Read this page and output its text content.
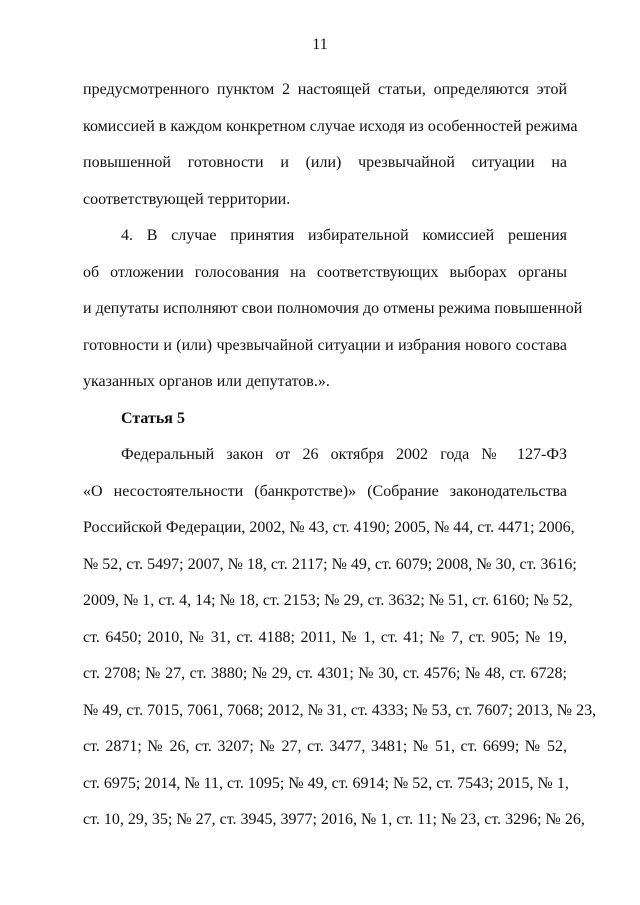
11
предусмотренного пунктом 2 настоящей статьи, определяются этой
комиссией в каждом конкретном случае исходя из особенностей режима
повышенной готовности и (или) чрезвычайной ситуации на
соответствующей территории.
4. В случае принятия избирательной комиссией решения
об отложении голосования на соответствующих выборах органы
и депутаты исполняют свои полномочия до отмены режима повышенной
готовности и (или) чрезвычайной ситуации и избрания нового состава
указанных органов или депутатов.».
Статья 5
Федеральный закон от 26 октября 2002 года № 127-ФЗ
«О несостоятельности (банкротстве)» (Собрание законодательства
Российской Федерации, 2002, № 43, ст. 4190; 2005, № 44, ст. 4471; 2006,
№ 52, ст. 5497; 2007, № 18, ст. 2117; № 49, ст. 6079; 2008, № 30, ст. 3616;
2009, № 1, ст. 4, 14; № 18, ст. 2153; № 29, ст. 3632; № 51, ст. 6160; № 52,
ст. 6450; 2010, № 31, ст. 4188; 2011, № 1, ст. 41; № 7, ст. 905; № 19,
ст. 2708; № 27, ст. 3880; № 29, ст. 4301; № 30, ст. 4576; № 48, ст. 6728;
№ 49, ст. 7015, 7061, 7068; 2012, № 31, ст. 4333; № 53, ст. 7607; 2013, № 23,
ст. 2871; № 26, ст. 3207; № 27, ст. 3477, 3481; № 51, ст. 6699; № 52,
ст. 6975; 2014, № 11, ст. 1095; № 49, ст. 6914; № 52, ст. 7543; 2015, № 1,
ст. 10, 29, 35; № 27, ст. 3945, 3977; 2016, № 1, ст. 11; № 23, ст. 3296; № 26,
